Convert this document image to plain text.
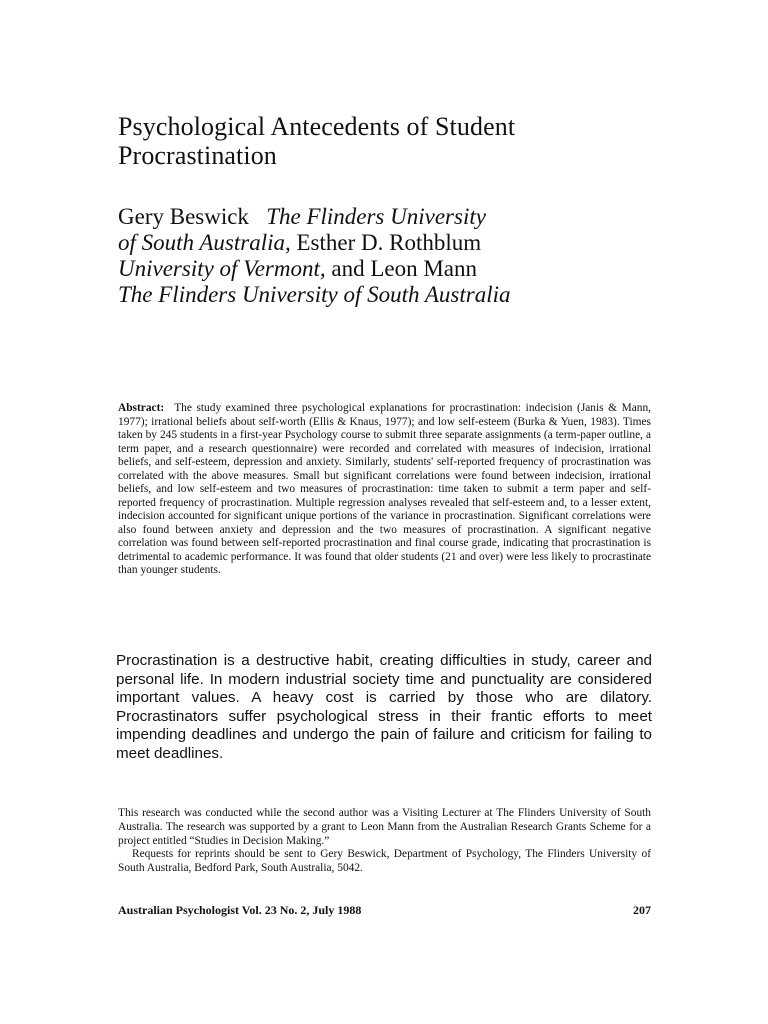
Psychological Antecedents of Student
Procrastination
Gery Beswick The Flinders University
of South Australia, Esther D. Rothblum
University of Vermont, and Leon Mann
The Flinders University of South Australia

Abstract: The study examined three psychological explanations for procrastination: indecision (Janis & Mann, 1977); irrational beliefs about self-worth (Ellis & Knaus, 1977); and low self-esteem (Burka & Yuen, 1983). Times taken by 245 students in a first-year Psychology course to submit three separate assignments (a term-paper outline, a term paper, and a research questionnaire) were recorded and correlated with measures of indecision, irrational beliefs, and self-esteem, depression and anxiety. Similarly, students' self-reported frequency of procrastination was correlated with the above measures. Small but significant correlations were found between indecision, irrational beliefs, and low self-esteem and two measures of procrastination: time taken to submit a term paper and self-reported frequency of procrastination. Multiple regression analyses revealed that self-esteem and, to a lesser extent, indecision accounted for significant unique portions of the variance in procrastination. Significant correlations were also found between anxiety and depression and the two measures of procrastination. A significant negative correlation was found between self-reported procrastination and final course grade, indicating that procrastination is detrimental to academic performance. It was found that older students (21 and over) were less likely to procrastinate than younger students.

Procrastination is a destructive habit, creating difficulties in study, career and personal life. In modern industrial society time and punctuality are considered important values. A heavy cost is carried by those who are dilatory. Procrastinators suffer psychological stress in their frantic efforts to meet impending deadlines and undergo the pain of failure and criticism for failing to meet deadlines.

This research was conducted while the second author was a Visiting Lecturer at The Flinders University of South Australia. The research was supported by a grant to Leon Mann from the Australian Research Grants Scheme for a project entitled “Studies in Decision Making.”

Requests for reprints should be sent to Gery Beswick, Department of Psychology, The Flinders University of South Australia, Bedford Park, South Australia, 5042.

Australian Psychologist Vol. 23 No. 2, July 1988	207
